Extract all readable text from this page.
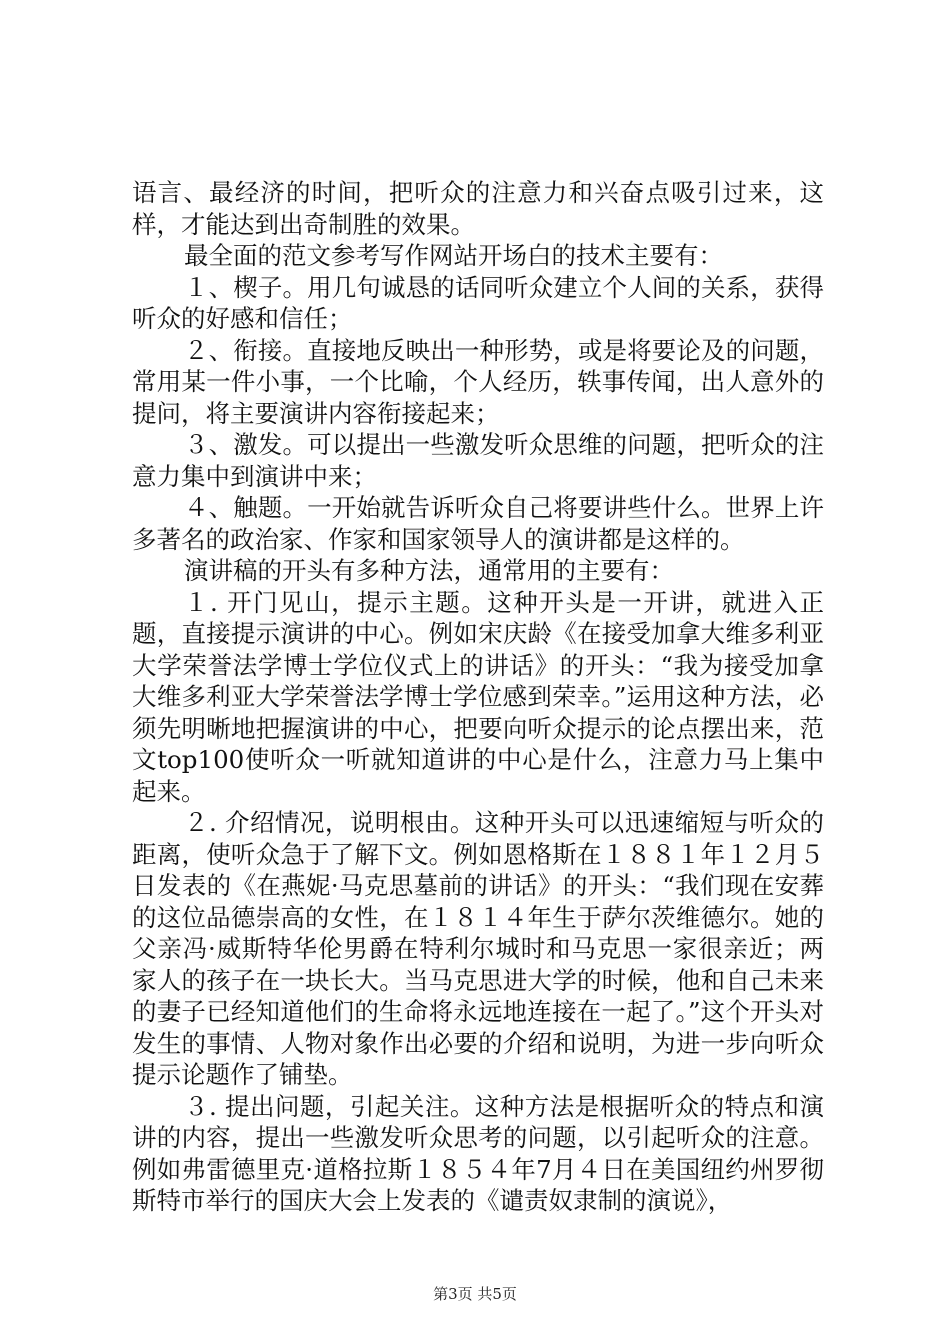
语言、最经济的时间，把听众的注意力和兴奋点吸引过来，这样，才能达到出奇制胜的效果。

最全面的范文参考写作网站开场白的技术主要有：

１、楔子。用几句诚恳的话同听众建立个人间的关系，获得听众的好感和信任；

２、衔接。直接地反映出一种形势，或是将要论及的问题，常用某一件小事，一个比喻，个人经历，轶事传闻，出人意外的提问，将主要演讲内容衔接起来；

３、激发。可以提出一些激发听众思维的问题，把听众的注意力集中到演讲中来；

４、触题。一开始就告诉听众自己将要讲些什么。世界上许多著名的政治家、作家和国家领导人的演讲都是这样的。

演讲稿的开头有多种方法，通常用的主要有：

１. 开门见山，提示主题。这种开头是一开讲，就进入正题，直接提示演讲的中心。例如宋庆龄《在接受加拿大维多利亚大学荣誉法学博士学位仪式上的讲话》的开头：“我为接受加拿大维多利亚大学荣誉法学博士学位感到荣幸。”运用这种方法，必须先明晰地把握演讲的中心，把要向听众提示的论点摆出来，范文top100使听众一听就知道讲的中心是什么，注意力马上集中起来。

２. 介绍情况，说明根由。这种开头可以迅速缩短与听众的距离，使听众急于了解下文。例如恩格斯在１８８１年１２月５日发表的《在燕妮·马克思墓前的讲话》的开头：“我们现在安葬的这位品德崇高的女性，在１８１４年生于萨尔茨维德尔。她的父亲冯·威斯特华伦男爵在特利尔城时和马克思一家很亲近；两家人的孩子在一块长大。当马克思进大学的时候，他和自己未来的妻子已经知道他们的生命将永远地连接在一起了。”这个开头对发生的事情、人物对象作出必要的介绍和说明，为进一步向听众提示论题作了铺垫。

３. 提出问题，引起关注。这种方法是根据听众的特点和演讲的内容，提出一些激发听众思考的问题，以引起听众的注意。例如弗雷德里克·道格拉斯１８５４年7月４日在美国纽约州罗彻斯特市举行的国庆大会上发表的《谴责奴隶制的演说》，

第3页 共5页
